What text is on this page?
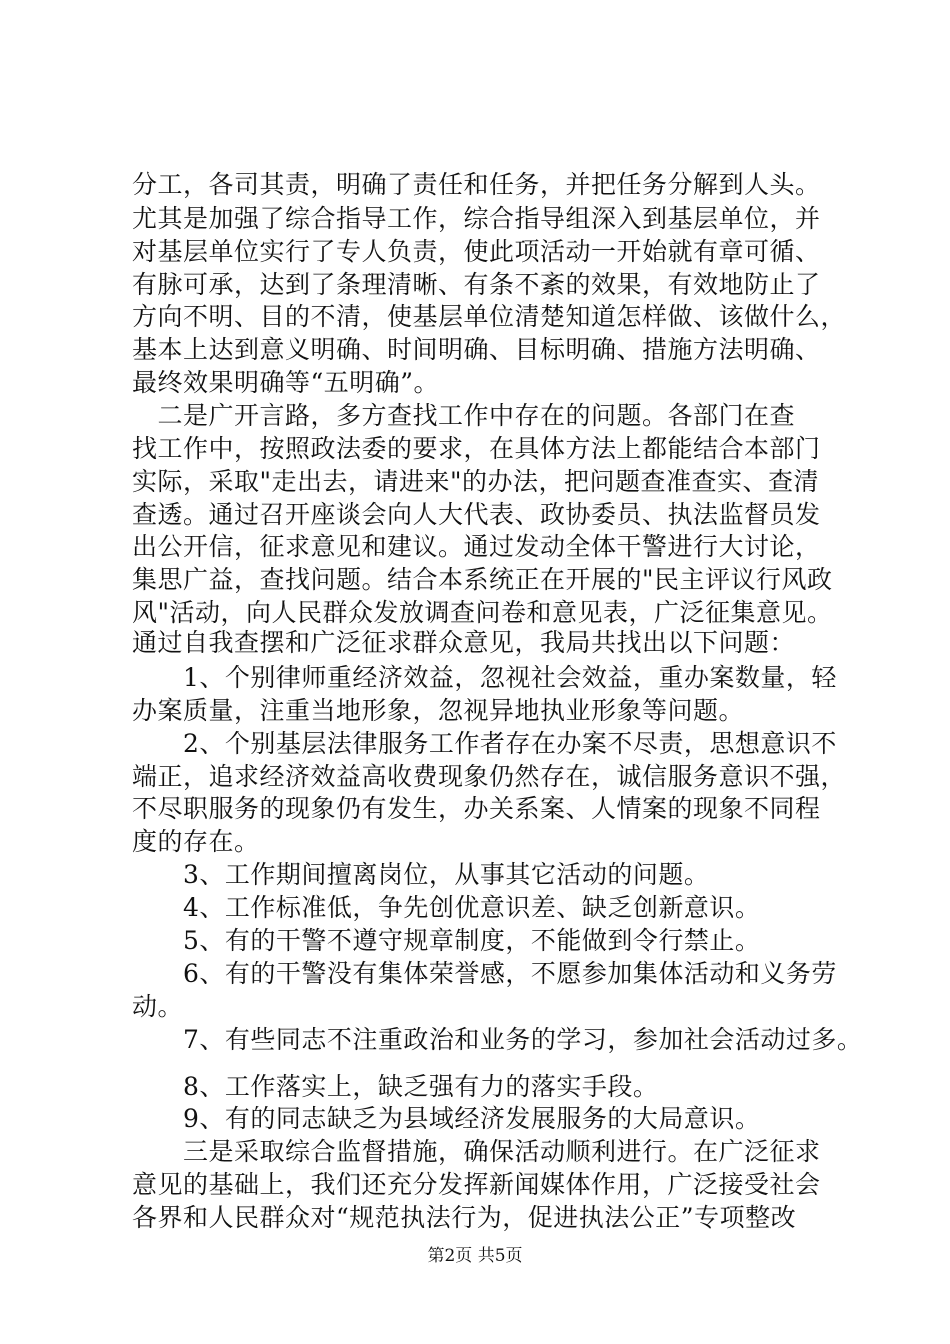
分工，各司其责，明确了责任和任务，并把任务分解到人头。
尤其是加强了综合指导工作，综合指导组深入到基层单位，并
对基层单位实行了专人负责，使此项活动一开始就有章可循、
有脉可承，达到了条理清晰、有条不紊的效果，有效地防止了
方向不明、目的不清，使基层单位清楚知道怎样做、该做什么，
基本上达到意义明确、时间明确、目标明确、措施方法明确、
最终效果明确等“五明确”。
　二是广开言路，多方查找工作中存在的问题。各部门在查
找工作中，按照政法委的要求，在具体方法上都能结合本部门
实际，采取"走出去，请进来"的办法，把问题查准查实、查清
查透。通过召开座谈会向人大代表、政协委员、执法监督员发
出公开信，征求意见和建议。通过发动全体干警进行大讨论，
集思广益，查找问题。结合本系统正在开展的"民主评议行风政
风"活动，向人民群众发放调查问卷和意见表，广泛征集意见。
通过自我查摆和广泛征求群众意见，我局共找出以下问题：
　　1、个别律师重经济效益，忽视社会效益，重办案数量，轻
办案质量，注重当地形象，忽视异地执业形象等问题。
　　2、个别基层法律服务工作者存在办案不尽责，思想意识不
端正，追求经济效益高收费现象仍然存在，诚信服务意识不强，
不尽职服务的现象仍有发生，办关系案、人情案的现象不同程
度的存在。
　　3、工作期间擅离岗位，从事其它活动的问题。
　　4、工作标准低，争先创优意识差、缺乏创新意识。
　　5、有的干警不遵守规章制度，不能做到令行禁止。
　　6、有的干警没有集体荣誉感，不愿参加集体活动和义务劳
动。
　　7、有些同志不注重政治和业务的学习，参加社会活动过多。
　　8、工作落实上，缺乏强有力的落实手段。
　　9、有的同志缺乏为县域经济发展服务的大局意识。
　　三是采取综合监督措施，确保活动顺利进行。在广泛征求
意见的基础上，我们还充分发挥新闻媒体作用，广泛接受社会
各界和人民群众对“规范执法行为，促进执法公正”专项整改
第2页 共5页
